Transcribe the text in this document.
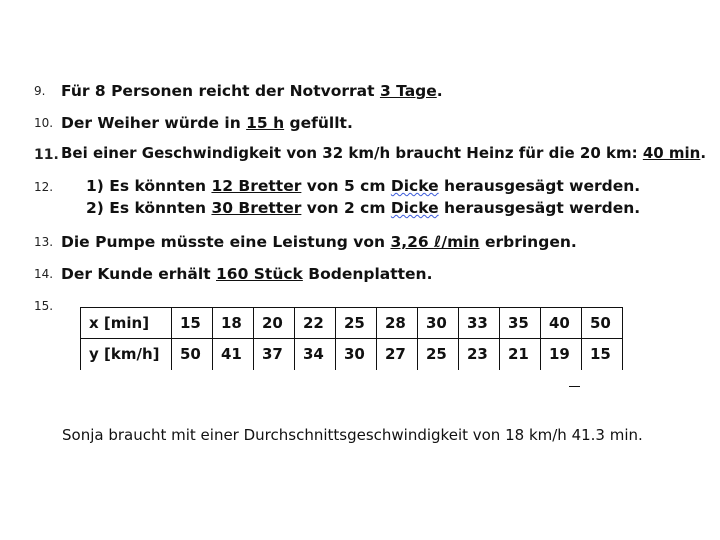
9. Für 8 Personen reicht der Notvorrat 3 Tage.
10. Der Weiher würde in 15 h gefüllt.
11. Bei einer Geschwindigkeit von 32 km/h braucht Heinz für die 20 km: 40 min.
12. 1) Es könnten 12 Bretter von 5 cm Dicke herausgesägt werden.
2) Es könnten 30 Bretter von 2 cm Dicke herausgesägt werden.
13. Die Pumpe müsste eine Leistung von 3,26 ℓ/min erbringen.
14. Der Kunde erhält 160 Stück Bodenplatten.
15.
x [min]	15	18	20	22	25	28	30	33	35	40	50
y [km/h]	50	41	37	34	30	27	25	23	21	19	15
Sonja braucht mit einer Durchschnittsgeschwindigkeit von 18 km/h 41.3 min.
